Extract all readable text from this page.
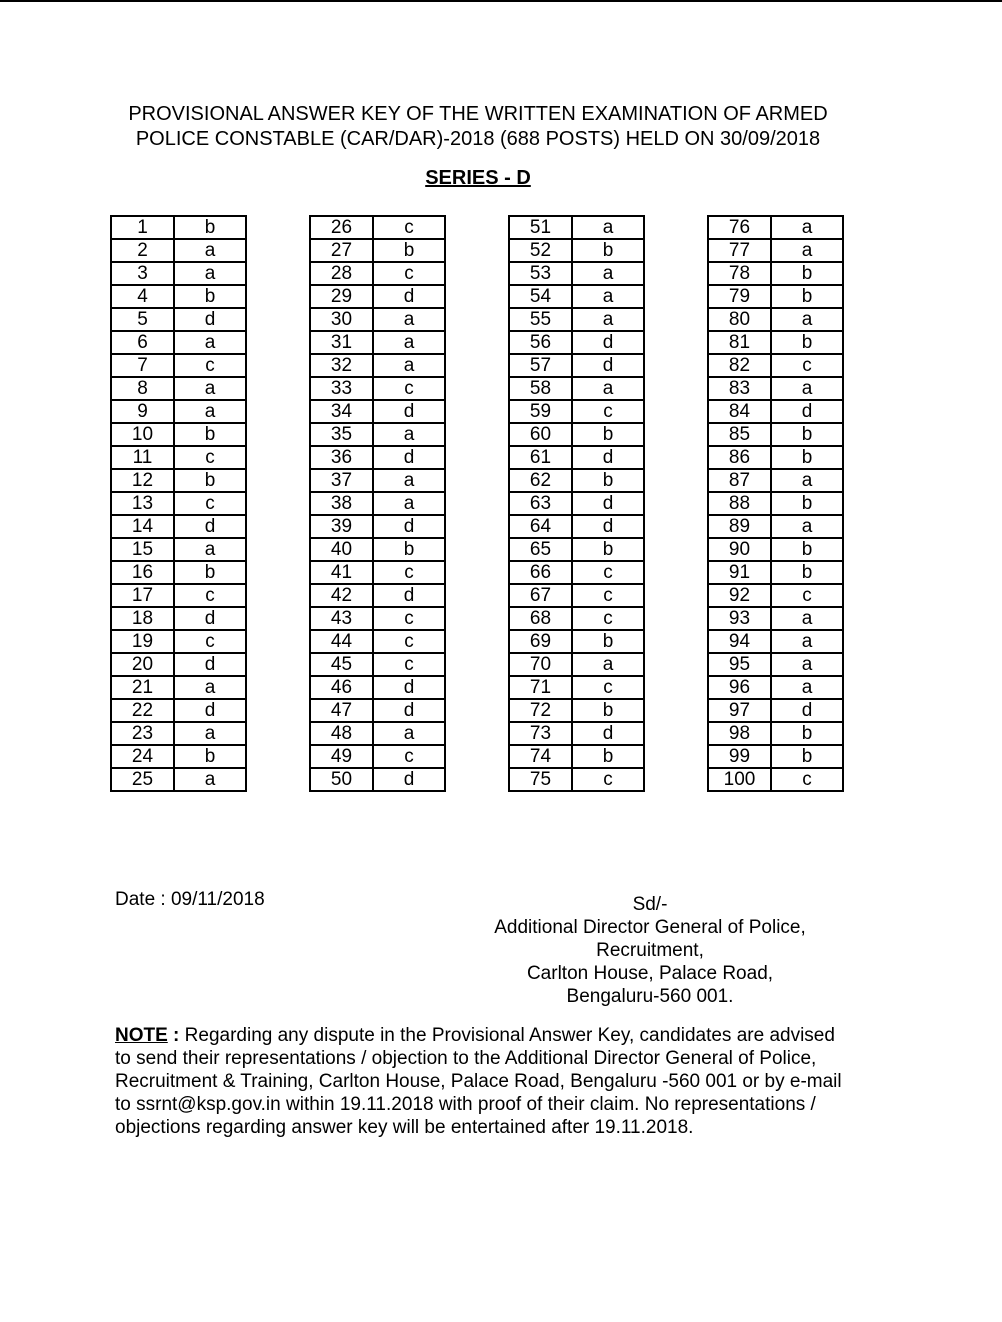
PROVISIONAL ANSWER KEY OF THE WRITTEN EXAMINATION OF ARMED
POLICE CONSTABLE (CAR/DAR)-2018 (688 POSTS) HELD ON 30/09/2018
SERIES - D
1	b
2	a
3	a
4	b
5	d
6	a
7	c
8	a
9	a
10	b
11	c
12	b
13	c
14	d
15	a
16	b
17	c
18	d
19	c
20	d
21	a
22	d
23	a
24	b
25	a
26	c
27	b
28	c
29	d
30	a
31	a
32	a
33	c
34	d
35	a
36	d
37	a
38	a
39	d
40	b
41	c
42	d
43	c
44	c
45	c
46	d
47	d
48	a
49	c
50	d
51	a
52	b
53	a
54	a
55	a
56	d
57	d
58	a
59	c
60	b
61	d
62	b
63	d
64	d
65	b
66	c
67	c
68	c
69	b
70	a
71	c
72	b
73	d
74	b
75	c
76	a
77	a
78	b
79	b
80	a
81	b
82	c
83	a
84	d
85	b
86	b
87	a
88	b
89	a
90	b
91	b
92	c
93	a
94	a
95	a
96	a
97	d
98	b
99	b
100	c
Date : 09/11/2018	Sd/-
Additional Director General of Police,
Recruitment,
Carlton House, Palace Road,
Bengaluru-560 001.
NOTE : Regarding any dispute in the Provisional Answer Key, candidates are advised to send their representations / objection to the Additional Director General of Police, Recruitment & Training, Carlton House, Palace Road, Bengaluru -560 001 or by e-mail to ssrnt@ksp.gov.in within 19.11.2018 with proof of their claim. No representations / objections regarding answer key will be entertained after 19.11.2018.
